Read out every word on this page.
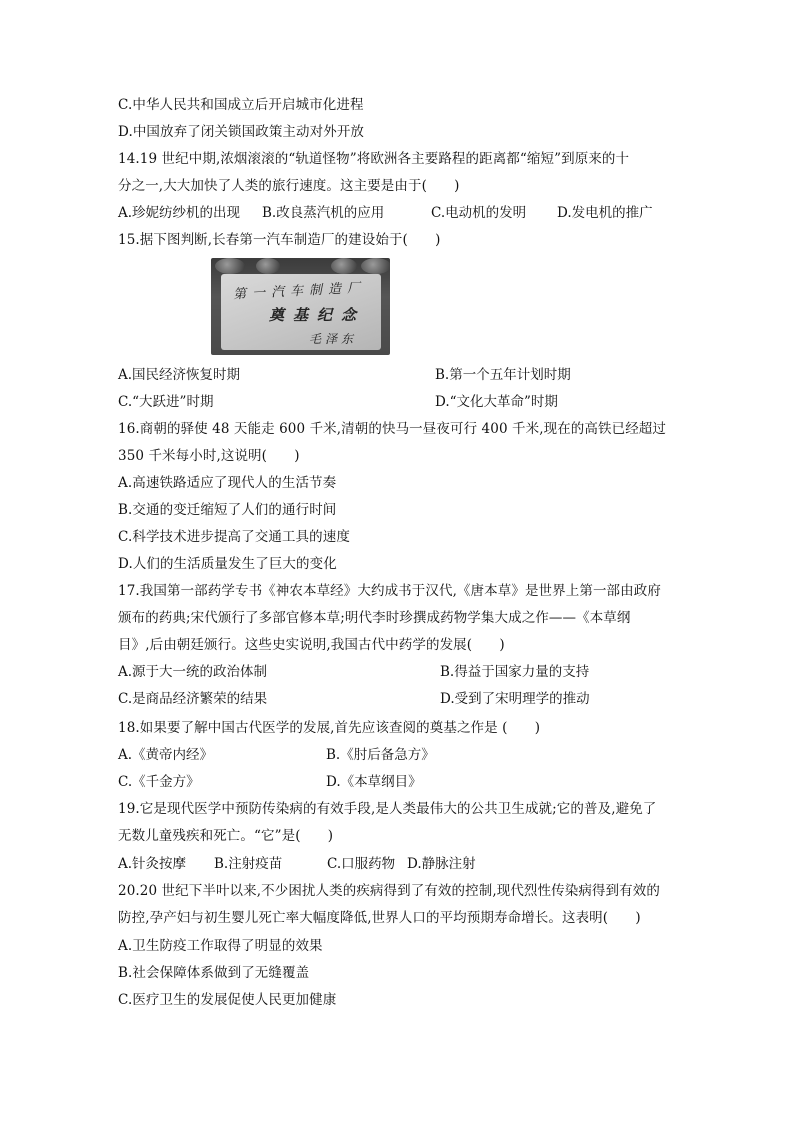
C.中华人民共和国成立后开启城市化进程
D.中国放弃了闭关锁国政策主动对外开放
14.19 世纪中期,浓烟滚滚的“轨道怪物”将欧洲各主要路程的距离都“缩短”到原来的十
分之一,大大加快了人类的旅行速度。这主要是由于(　　)
A.珍妮纺纱机的出现 B.改良蒸汽机的应用	C.电动机的发明 D.发电机的推广
15.据下图判断,长春第一汽车制造厂的建设始于(　　)
第一汽车制造厂
奠基纪念
毛泽东
A.国民经济恢复时期	B.第一个五年计划时期
C.“大跃进”时期	D.“文化大革命”时期
16.商朝的驿使 48 天能走 600 千米,清朝的快马一昼夜可行 400 千米,现在的高铁已经超过
350 千米每小时,这说明(　　)
A.高速铁路适应了现代人的生活节奏
B.交通的变迁缩短了人们的通行时间
C.科学技术进步提高了交通工具的速度
D.人们的生活质量发生了巨大的变化
17.我国第一部药学专书《神农本草经》大约成书于汉代,《唐本草》是世界上第一部由政府
颁布的药典;宋代颁行了多部官修本草;明代李时珍撰成药物学集大成之作——《本草纲
目》,后由朝廷颁行。这些史实说明,我国古代中药学的发展(　　)
A.源于大一统的政治体制	B.得益于国家力量的支持
C.是商品经济繁荣的结果	D.受到了宋明理学的推动
18.如果要了解中国古代医学的发展,首先应该查阅的奠基之作是 (　　)
A.《黄帝内经》	B.《肘后备急方》
C.《千金方》	D.《本草纲目》
19.它是现代医学中预防传染病的有效手段,是人类最伟大的公共卫生成就;它的普及,避免了
无数儿童残疾和死亡。“它”是(　　)
A.针灸按摩 B.注射疫苗	C.口服药物 D.静脉注射
20.20 世纪下半叶以来,不少困扰人类的疾病得到了有效的控制,现代烈性传染病得到有效的
防控,孕产妇与初生婴儿死亡率大幅度降低,世界人口的平均预期寿命增长。这表明(　　)
A.卫生防疫工作取得了明显的效果
B.社会保障体系做到了无缝覆盖
C.医疗卫生的发展促使人民更加健康
